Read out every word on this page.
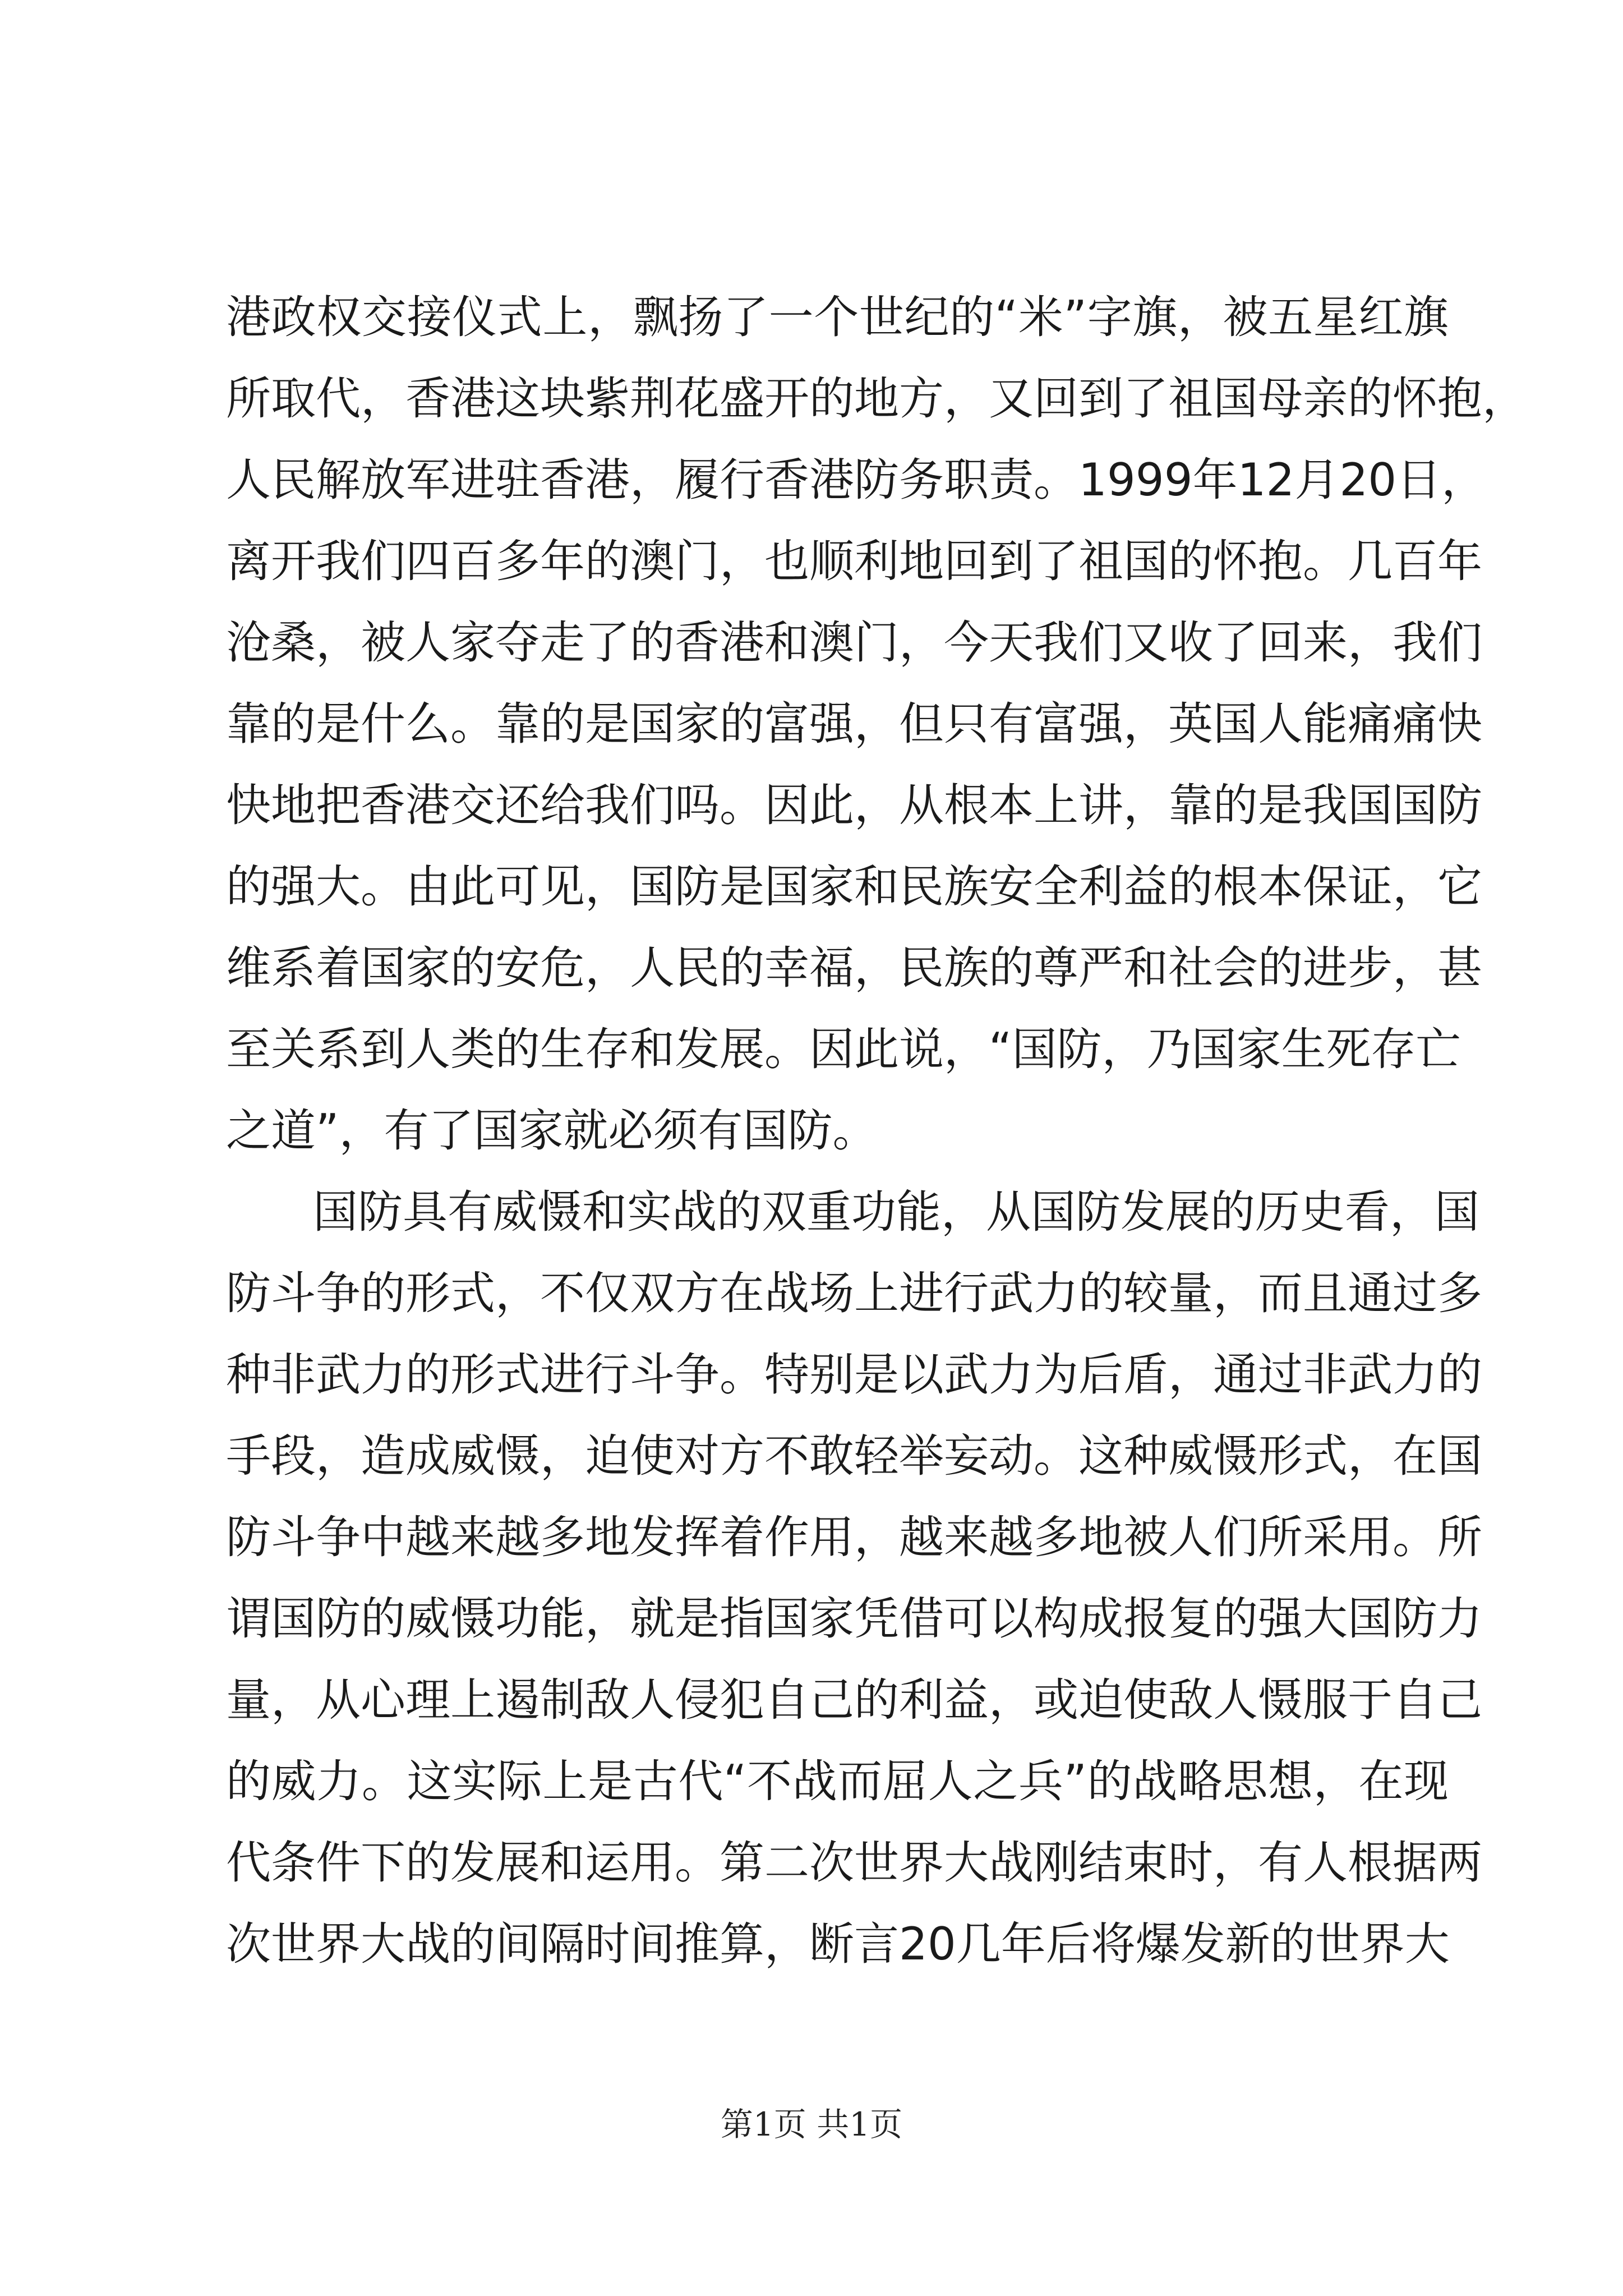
港政权交接仪式上，飘扬了一个世纪的“米”字旗，被五星红旗
所取代，香港这块紫荆花盛开的地方，又回到了祖国母亲的怀抱，
人民解放军进驻香港，履行香港防务职责。1999年12月20日，
离开我们四百多年的澳门，也顺利地回到了祖国的怀抱。几百年
沧桑，被人家夺走了的香港和澳门，今天我们又收了回来，我们
靠的是什么。靠的是国家的富强，但只有富强，英国人能痛痛快
快地把香港交还给我们吗。因此，从根本上讲，靠的是我国国防
的强大。由此可见，国防是国家和民族安全利益的根本保证，它
维系着国家的安危，人民的幸福，民族的尊严和社会的进步，甚
至关系到人类的生存和发展。因此说，“国防，乃国家生死存亡
之道”，有了国家就必须有国防。
国防具有威慑和实战的双重功能，从国防发展的历史看，国
防斗争的形式，不仅双方在战场上进行武力的较量，而且通过多
种非武力的形式进行斗争。特别是以武力为后盾，通过非武力的
手段，造成威慑，迫使对方不敢轻举妄动。这种威慑形式，在国
防斗争中越来越多地发挥着作用，越来越多地被人们所采用。所
谓国防的威慑功能，就是指国家凭借可以构成报复的强大国防力
量，从心理上遏制敌人侵犯自己的利益，或迫使敌人慑服于自己
的威力。这实际上是古代“不战而屈人之兵”的战略思想，在现
代条件下的发展和运用。第二次世界大战刚结束时，有人根据两
次世界大战的间隔时间推算，断言20几年后将爆发新的世界大
第1页 共1页
